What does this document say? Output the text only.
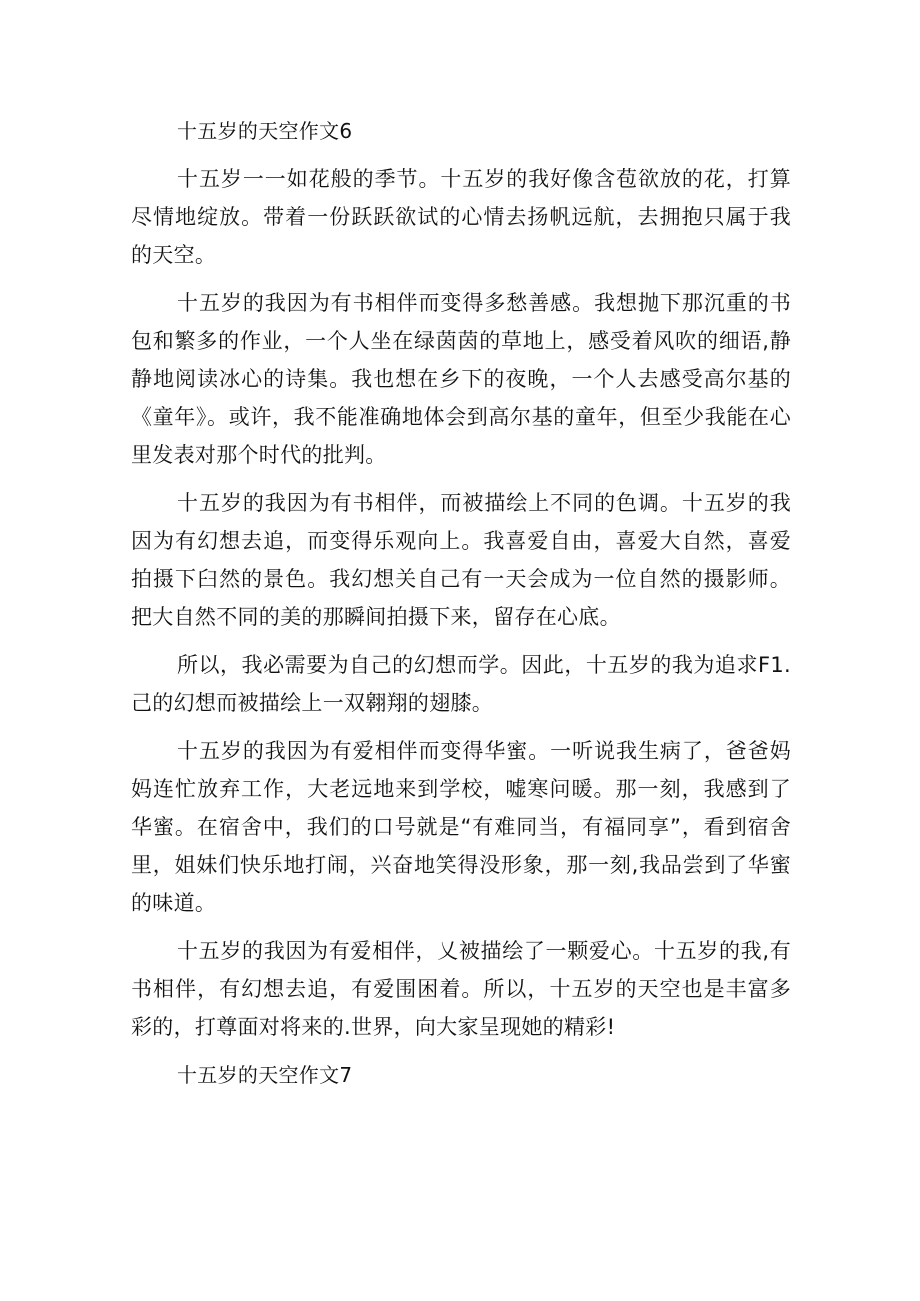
十五岁的天空作文6

十五岁一一如花般的季节。十五岁的我好像含苞欲放的花，打算尽情地绽放。带着一份跃跃欲试的心情去扬帆远航，去拥抱只属于我的天空。

十五岁的我因为有书相伴而变得多愁善感。我想抛下那沉重的书包和繁多的作业，一个人坐在绿茵茵的草地上，感受着风吹的细语,静静地阅读冰心的诗集。我也想在乡下的夜晚，一个人去感受高尔基的《童年》。或许，我不能准确地体会到高尔基的童年，但至少我能在心里发表对那个时代的批判。

十五岁的我因为有书相伴，而被描绘上不同的色调。十五岁的我因为有幻想去追，而变得乐观向上。我喜爱自由，喜爱大自然，喜爱拍摄下臼然的景色。我幻想关自己有一天会成为一位自然的摄影师。把大自然不同的美的那瞬间拍摄下来，留存在心底。

所以，我必需要为自己的幻想而学。因此，十五岁的我为追求F1.己的幻想而被描绘上一双翱翔的翅膝。

十五岁的我因为有爱相伴而变得华蜜。一听说我生病了，爸爸妈妈连忙放弃工作，大老远地来到学校，嘘寒问暖。那一刻，我感到了华蜜。在宿舍中，我们的口号就是“有难同当，有福同享”，看到宿舍里，姐妹们快乐地打闹，兴奋地笑得没形象，那一刻,我品尝到了华蜜的味道。

十五岁的我因为有爱相伴，乂被描绘了一颗爱心。十五岁的我,有书相伴，有幻想去追，有爱围困着。所以，十五岁的天空也是丰富多彩的，打尊面对将来的.世界，向大家呈现她的精彩!

十五岁的天空作文7
